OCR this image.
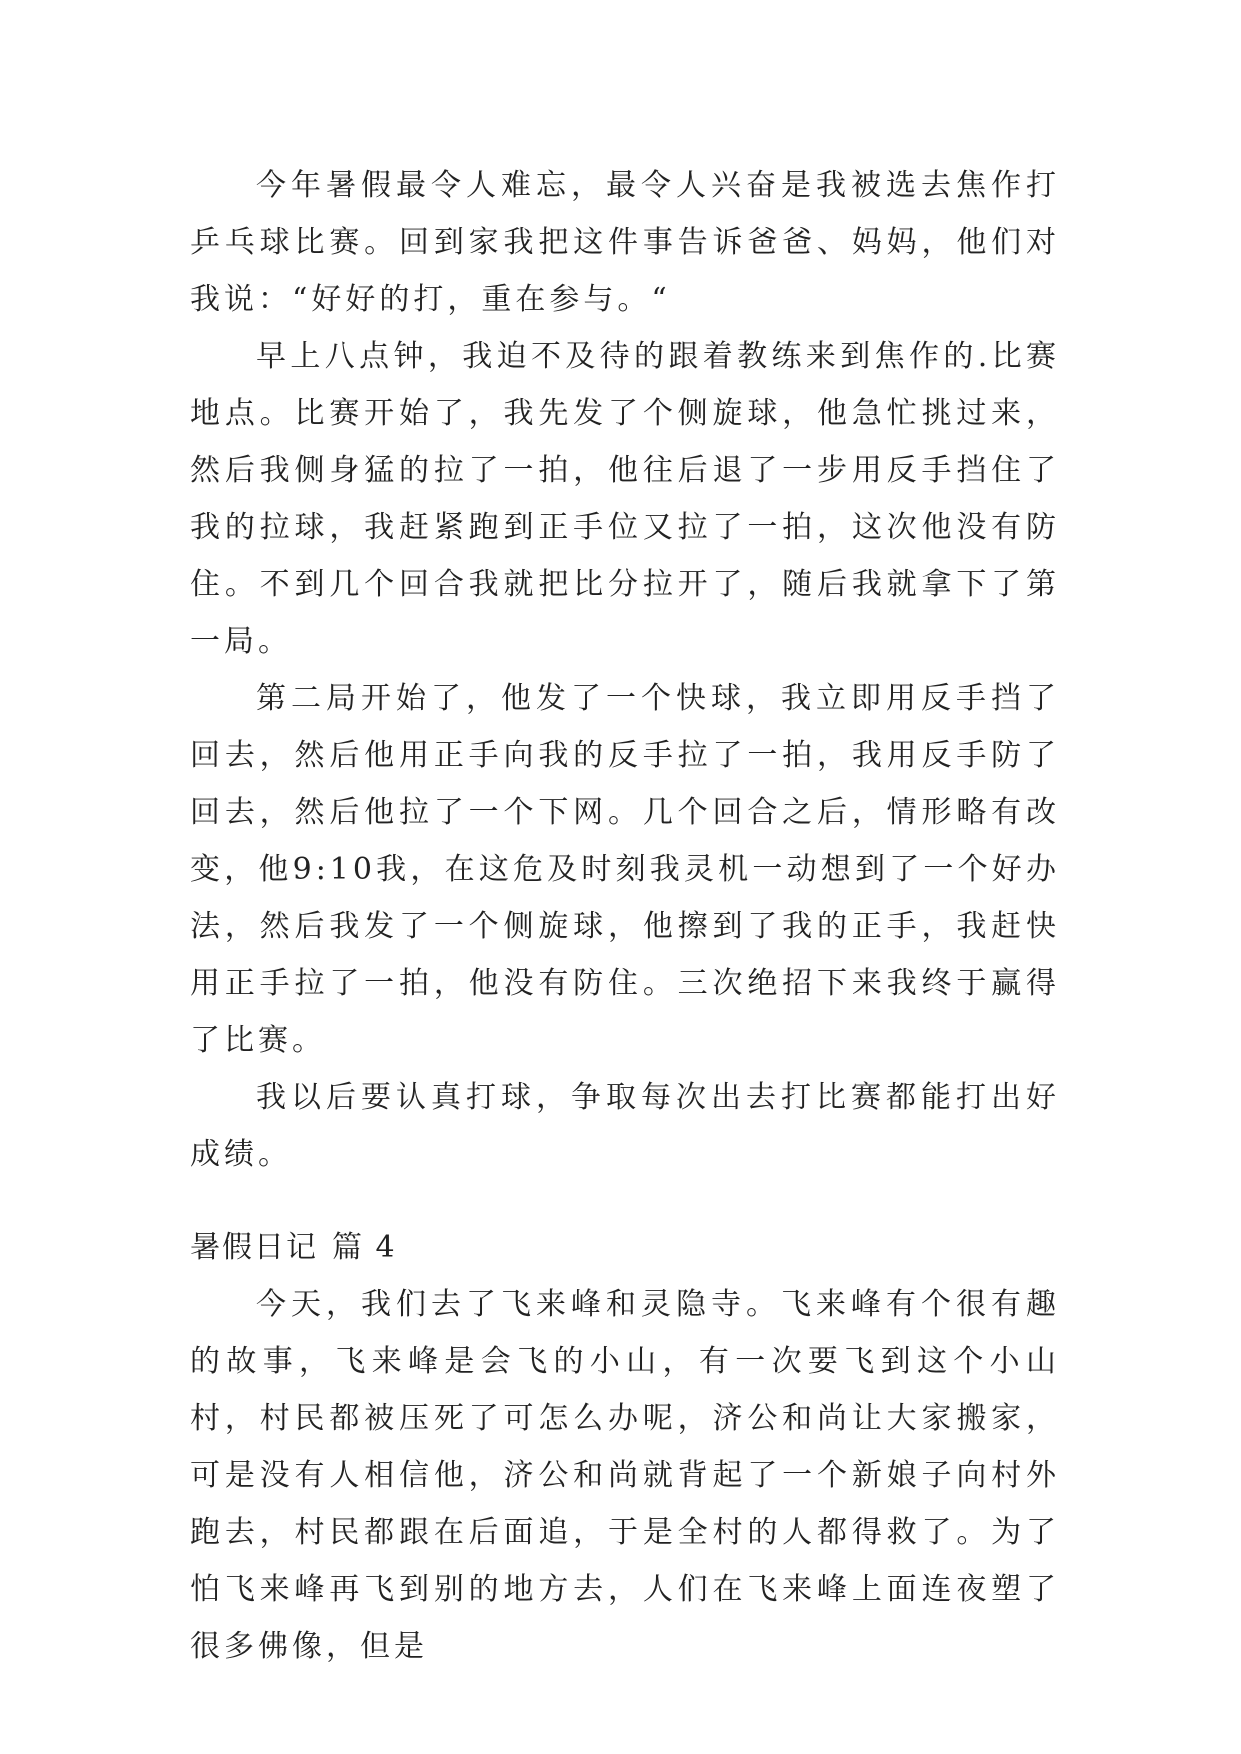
今年暑假最令人难忘，最令人兴奋是我被选去焦作打乒乓球比赛。回到家我把这件事告诉爸爸、妈妈，他们对我说：“好好的打，重在参与。“

早上八点钟，我迫不及待的跟着教练来到焦作的.比赛地点。比赛开始了，我先发了个侧旋球，他急忙挑过来，然后我侧身猛的拉了一拍，他往后退了一步用反手挡住了我的拉球，我赶紧跑到正手位又拉了一拍，这次他没有防住。不到几个回合我就把比分拉开了，随后我就拿下了第一局。

第二局开始了，他发了一个快球，我立即用反手挡了回去，然后他用正手向我的反手拉了一拍，我用反手防了回去，然后他拉了一个下网。几个回合之后，情形略有改变，他9:10我，在这危及时刻我灵机一动想到了一个好办法，然后我发了一个侧旋球，他擦到了我的正手，我赶快用正手拉了一拍，他没有防住。三次绝招下来我终于赢得了比赛。

我以后要认真打球，争取每次出去打比赛都能打出好成绩。

暑假日记 篇 4

今天，我们去了飞来峰和灵隐寺。飞来峰有个很有趣的故事，飞来峰是会飞的小山，有一次要飞到这个小山村，村民都被压死了可怎么办呢，济公和尚让大家搬家，可是没有人相信他，济公和尚就背起了一个新娘子向村外跑去，村民都跟在后面追，于是全村的人都得救了。为了怕飞来峰再飞到别的地方去，人们在飞来峰上面连夜塑了很多佛像，但是
